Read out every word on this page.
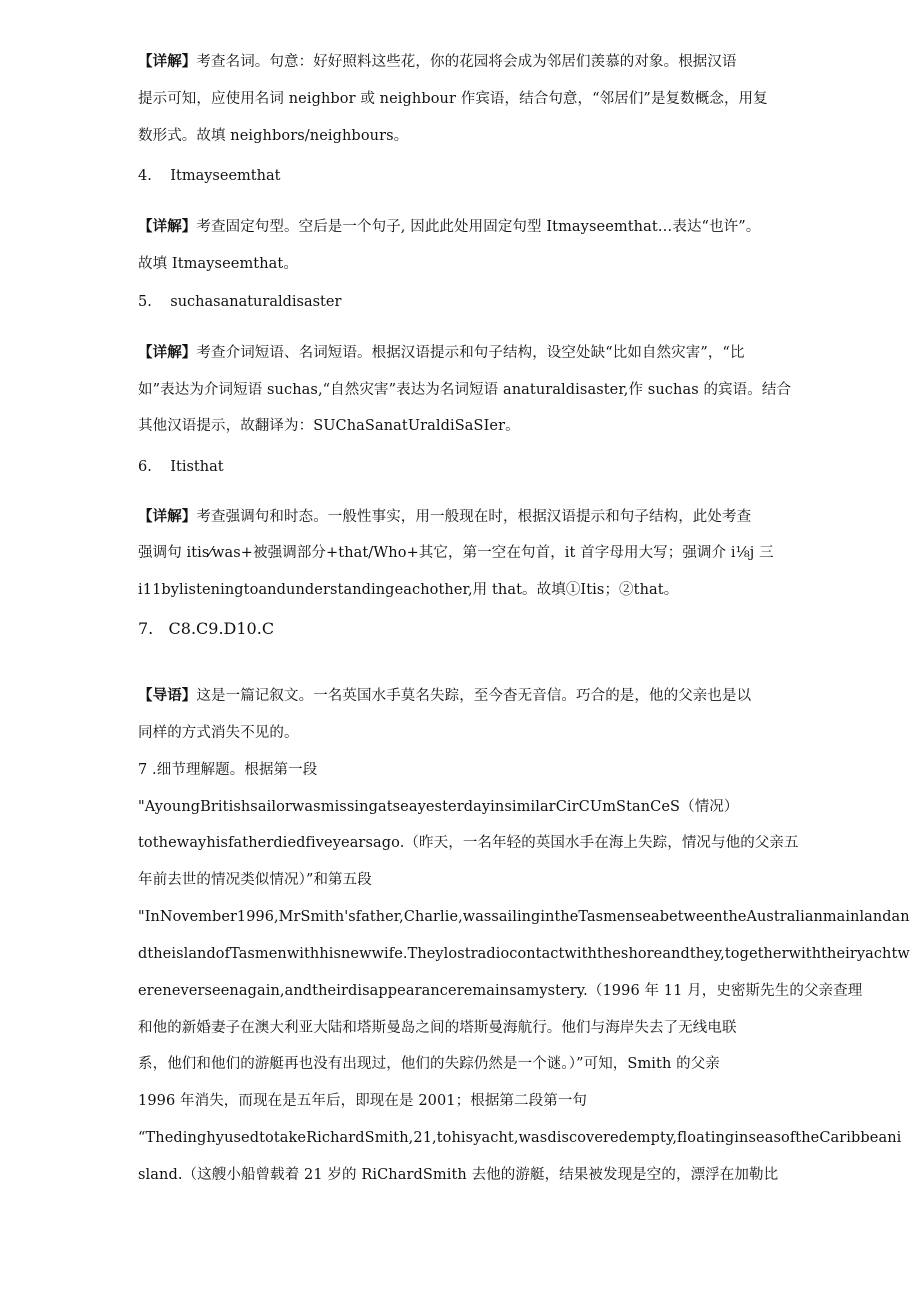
【详解】考查名词。句意：好好照料这些花，你的花园将会成为邻居们羡慕的对象。根据汉语
提示可知，应使用名词 neighbor 或 neighbour 作宾语，结合句意，“邻居们”是复数概念，用复
数形式。故填 neighbors/neighbours。
4. Itmayseemthat
【详解】考查固定句型。空后是一个句子, 因此此处用固定句型 Itmayseemthat…表达“也许”。
故填 Itmayseemthat。
5. suchasanaturaldisaster
【详解】考查介词短语、名词短语。根据汉语提示和句子结构，设空处缺“比如自然灾害”，“比
如”表达为介词短语 suchas,“自然灾害”表达为名词短语 anaturaldisaster,作 suchas 的宾语。结合
其他汉语提示，故翻译为：SUChaSanatUraldiSaSIer。
6. Itisthat
【详解】考查强调句和时态。一般性事实，用一般现在时，根据汉语提示和句子结构，此处考查
强调句 itis⁄was+被强调部分+that/Who+其它，第一空在句首，it 首字母用大写；强调介 i⅛j 三
i11bylisteningtoandunderstandingeachother,用 that。故填①Itis；②that。
7. C8.C9.D10.C
【导语】这是一篇记叙文。一名英国水手莫名失踪，至今杳无音信。巧合的是，他的父亲也是以
同样的方式消失不见的。
7 .细节理解题。根据第一段
"AyoungBritishsailorwasmissingatseayesterdayinsimilarCirCUmStanCeS（情况）
tothewayhisfatherdiedfiveyearsago.（昨天，一名年轻的英国水手在海上失踪，情况与他的父亲五
年前去世的情况类似情况）”和第五段
"InNovember1996,MrSmith'sfather,Charlie,wassailingintheTasmenseabetweentheAustralianmainlandan
dtheislandofTasmenwithhisnewwife.Theylostradiocontactwiththeshoreandthey,togetherwiththeiryachtw
ereneverseenagain,andtheirdisappearanceremainsamystery.（1996 年 11 月，史密斯先生的父亲查理
和他的新婚妻子在澳大利亚大陆和塔斯曼岛之间的塔斯曼海航行。他们与海岸失去了无线电联
系，他们和他们的游艇再也没有出现过，他们的失踪仍然是一个谜。）”可知，Smith 的父亲
1996 年消失，而现在是五年后，即现在是 2001；根据第二段第一句
“ThedinghyusedtotakeRichardSmith,21,tohisyacht,wasdiscoveredempty,floatinginseasoftheCaribbeani
sland.（这艘小船曾载着 21 岁的 RiChardSmith 去他的游艇，结果被发现是空的，漂浮在加勒比
